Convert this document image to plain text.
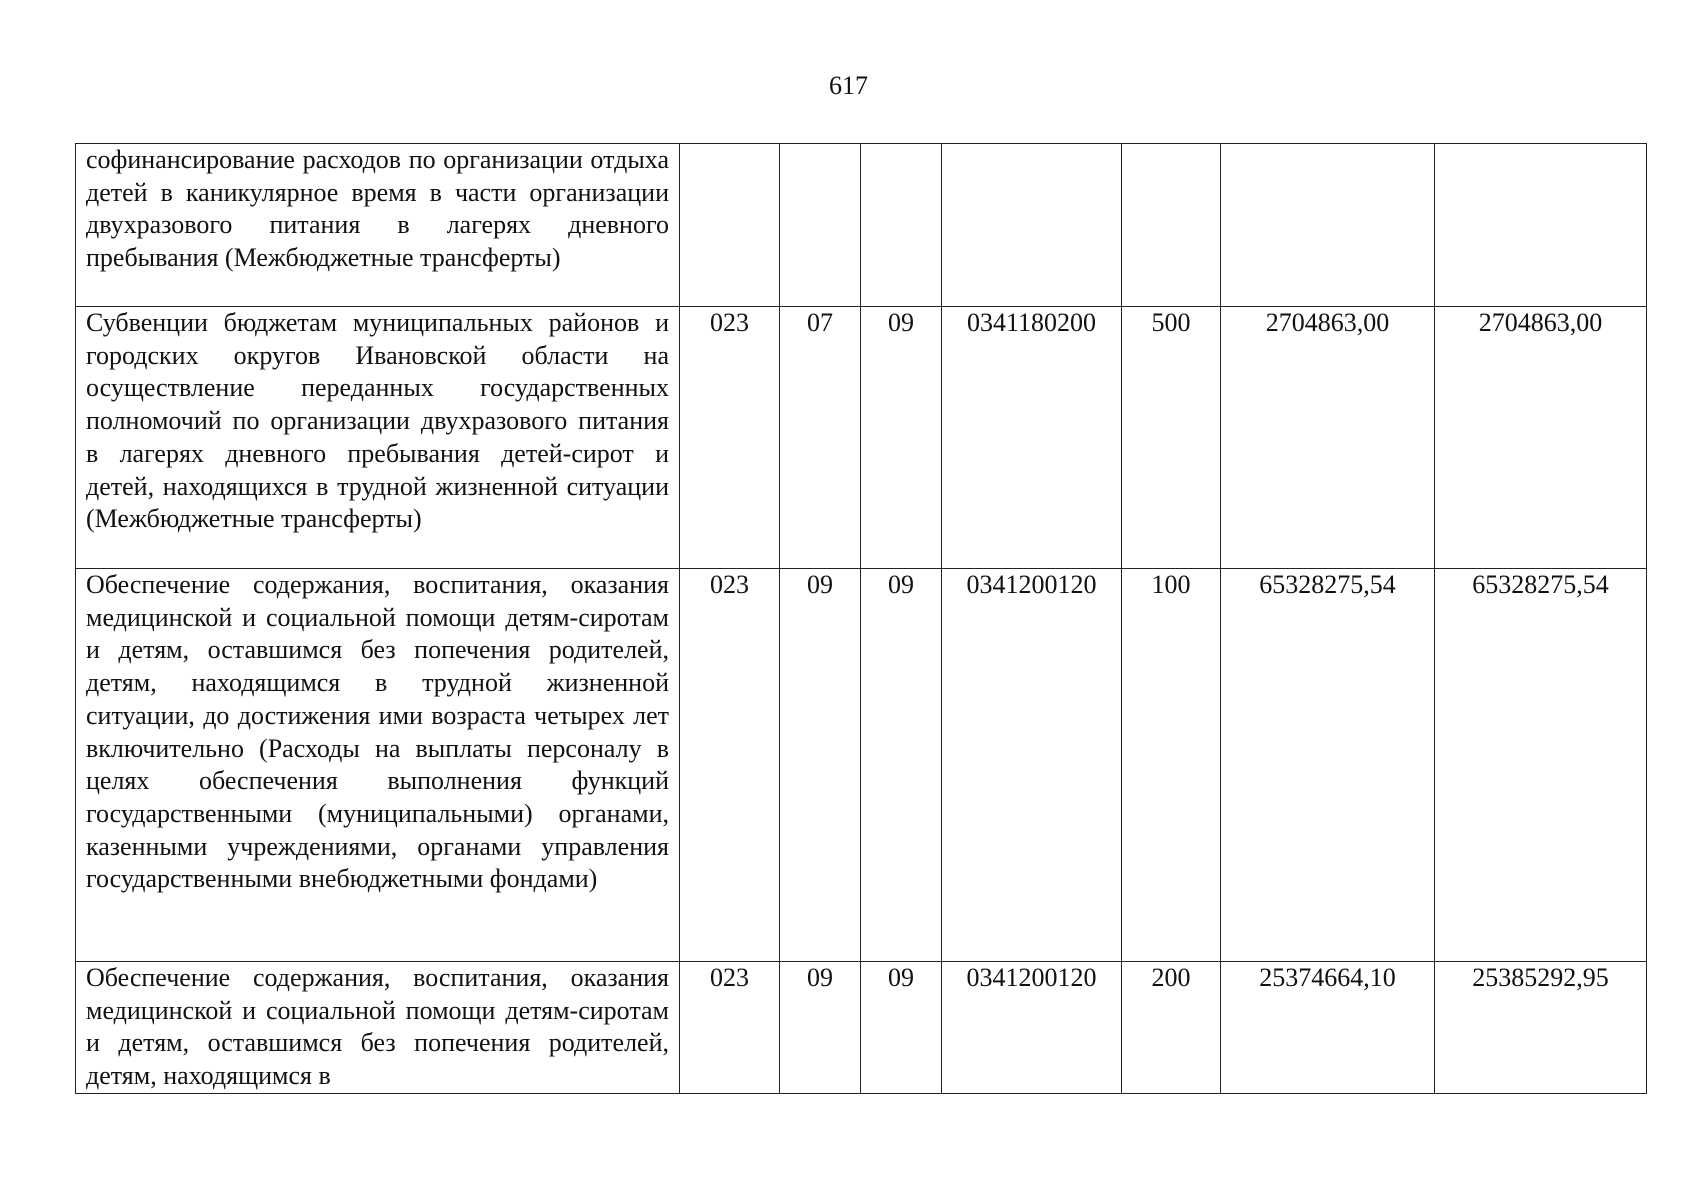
617
софинансирование расходов по организации отдыха детей в каникулярное время в части организации двухразового питания в лагерях дневного пребывания (Межбюджетные трансферты)							
Субвенции бюджетам муниципальных районов и городских округов Ивановской области на осуществление переданных государственных полномочий по организации двухразового питания в лагерях дневного пребывания детей-сирот и детей, находящихся в трудной жизненной ситуации (Межбюджетные трансферты)	023	07	09	0341180200	500	2704863,00	2704863,00
Обеспечение содержания, воспитания, оказания медицинской и социальной помощи детям-сиротам и детям, оставшимся без попечения родителей, детям, находящимся в трудной жизненной ситуации, до достижения ими возраста четырех лет включительно (Расходы на выплаты персоналу в целях обеспечения выполнения функций государственными (муниципальными) органами, казенными учреждениями, органами управления государственными внебюджетными фондами)	023	09	09	0341200120	100	65328275,54	65328275,54
Обеспечение содержания, воспитания, оказания медицинской и социальной помощи детям-сиротам и детям, оставшимся без попечения родителей, детям, находящимся в	023	09	09	0341200120	200	25374664,10	25385292,95
